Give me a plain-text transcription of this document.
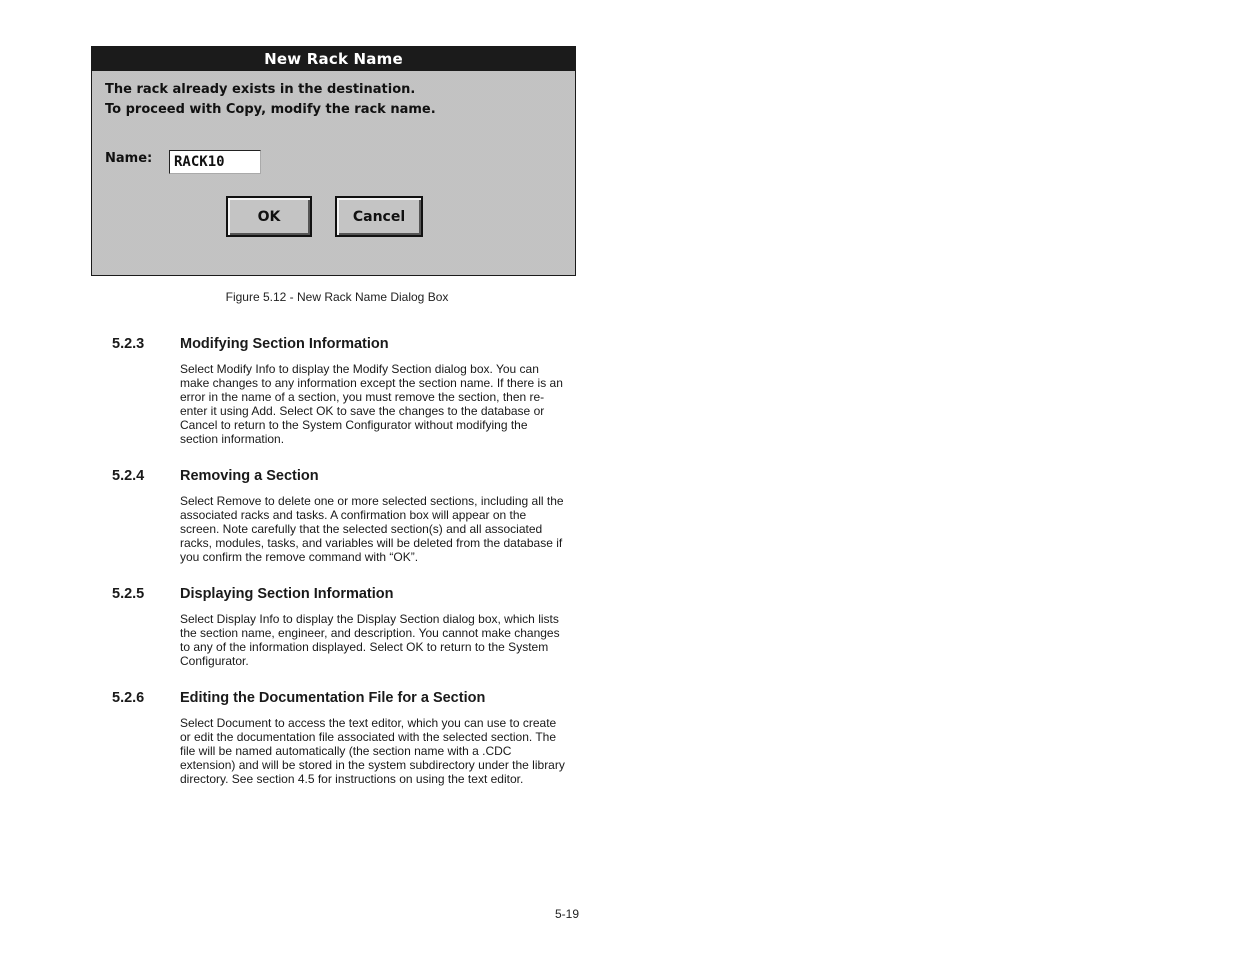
New Rack Name
The rack already exists in the destination.
To proceed with Copy, modify the rack name.
Name:
RACK10
OK	Cancel
Figure 5.12 - New Rack Name Dialog Box
5.2.3 Modifying Section Information

Select Modify Info to display the Modify Section dialog box. You can make changes to any information except the section name. If there is an error in the name of a section, you must remove the section, then re-enter it using Add. Select OK to save the changes to the database or Cancel to return to the System Configurator without modifying the section information.

5.2.4 Removing a Section

Select Remove to delete one or more selected sections, including all the associated racks and tasks. A confirmation box will appear on the screen. Note carefully that the selected section(s) and all associated racks, modules, tasks, and variables will be deleted from the database if you confirm the remove command with “OK”.

5.2.5 Displaying Section Information

Select Display Info to display the Display Section dialog box, which lists the section name, engineer, and description. You cannot make changes to any of the information displayed. Select OK to return to the System Configurator.

5.2.6 Editing the Documentation File for a Section

Select Document to access the text editor, which you can use to create or edit the documentation file associated with the selected section. The file will be named automatically (the section name with a .CDC extension) and will be stored in the system subdirectory under the library directory. See section 4.5 for instructions on using the text editor.

5-19
